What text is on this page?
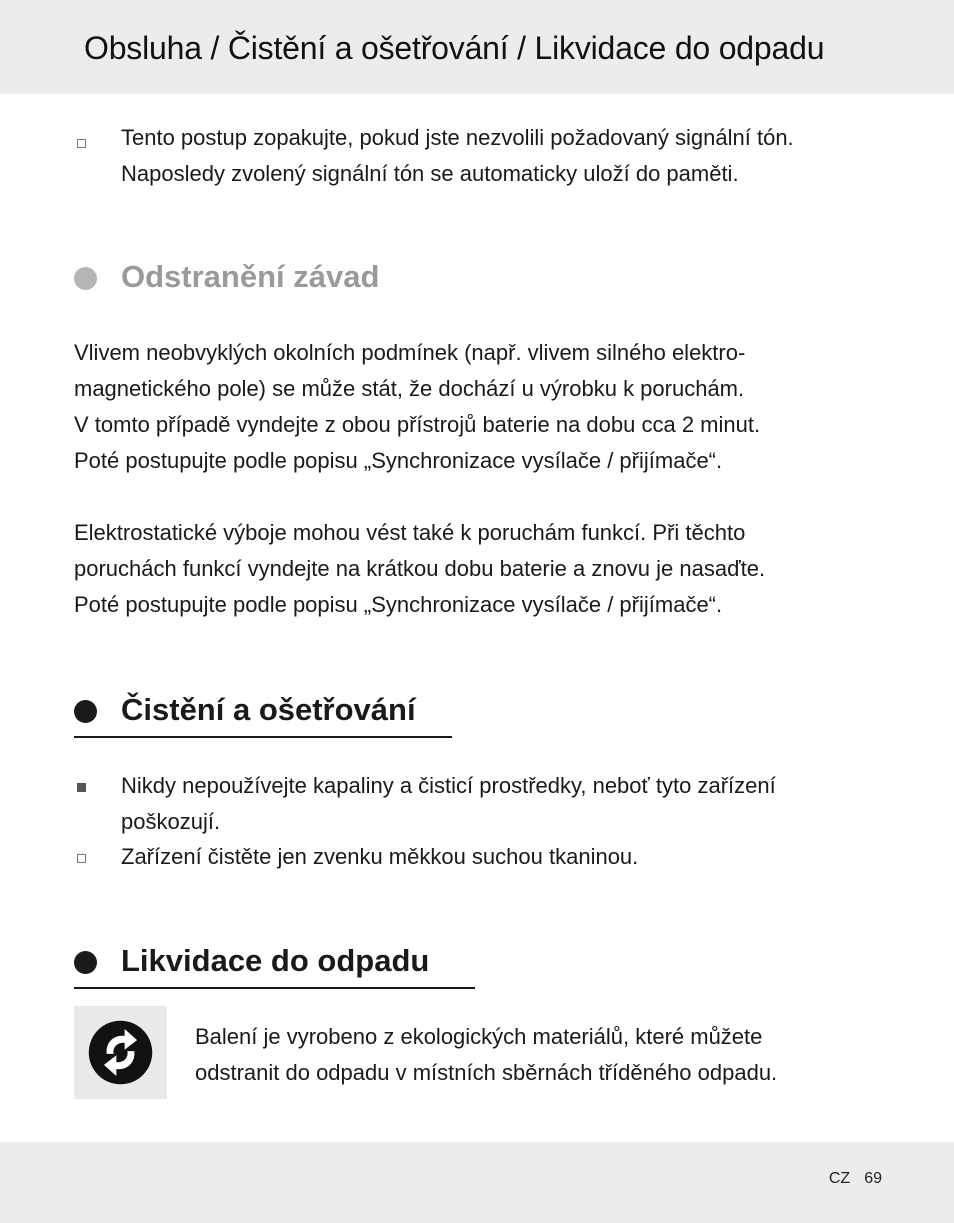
Obsluha / Čistění a ošetřování / Likvidace do odpadu

Tento postup zopakujte, pokud jste nezvolili požadovaný signální tón.

Naposledy zvolený signální tón se automaticky uloží do paměti.

Odstranění závad

Vlivem neobvyklých okolních podmínek (např. vlivem silného elektro-

magnetického pole) se může stát, že dochází u výrobku k poruchám.

V tomto případě vyndejte z obou přístrojů baterie na dobu cca 2 minut.

Poté postupujte podle popisu „Synchronizace vysílače / přijímače“.

Elektrostatické výboje mohou vést také k poruchám funkcí. Při těchto

poruchách funkcí vyndejte na krátkou dobu baterie a znovu je nasaďte.

Poté postupujte podle popisu „Synchronizace vysílače / přijímače“.

Čistění a ošetřování

Nikdy nepoužívejte kapaliny a čisticí prostředky, neboť tyto zařízení

poškozují.

Zařízení čistěte jen zvenku měkkou suchou tkaninou.

Likvidace do odpadu

Balení je vyrobeno z ekologických materiálů, které můžete

odstranit do odpadu v místních sběrnách tříděného odpadu.

CZ 69
